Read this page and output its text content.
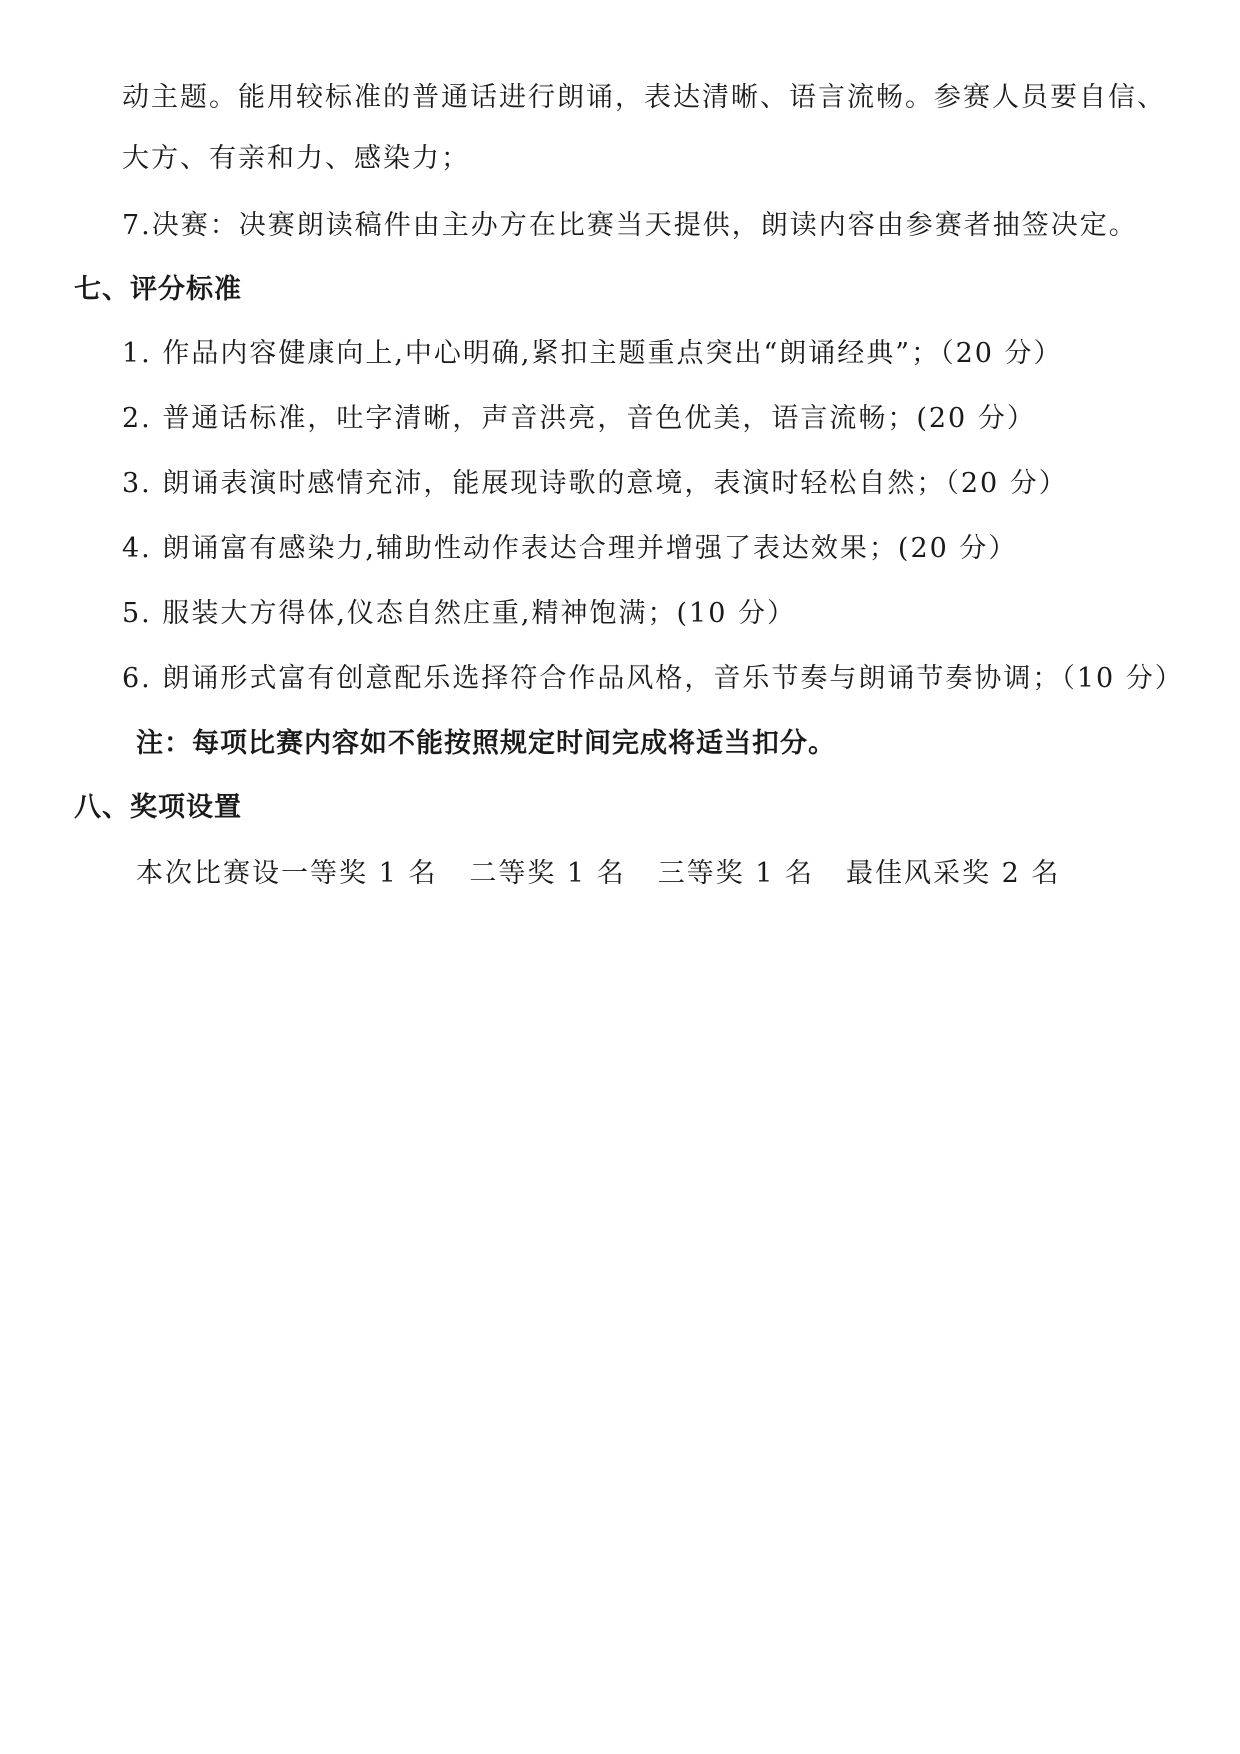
动主题。能用较标准的普通话进行朗诵，表达清晰、语言流畅。参赛人员要自信、
大方、有亲和力、感染力；
7.决赛：决赛朗读稿件由主办方在比赛当天提供，朗读内容由参赛者抽签决定。
七、评分标准
1. 作品内容健康向上,中心明确,紧扣主题重点突出“朗诵经典”；（20 分）
2. 普通话标准，吐字清晰，声音洪亮，音色优美，语言流畅；(20 分）
3. 朗诵表演时感情充沛，能展现诗歌的意境，表演时轻松自然；（20 分）
4. 朗诵富有感染力,辅助性动作表达合理并增强了表达效果；(20 分）
5. 服装大方得体,仪态自然庄重,精神饱满；(10 分）
6. 朗诵形式富有创意配乐选择符合作品风格，音乐节奏与朗诵节奏协调；（10 分）
注：每项比赛内容如不能按照规定时间完成将适当扣分。
八、奖项设置
本次比赛设一等奖 1 名 二等奖 1 名 三等奖 1 名 最佳风采奖 2 名
